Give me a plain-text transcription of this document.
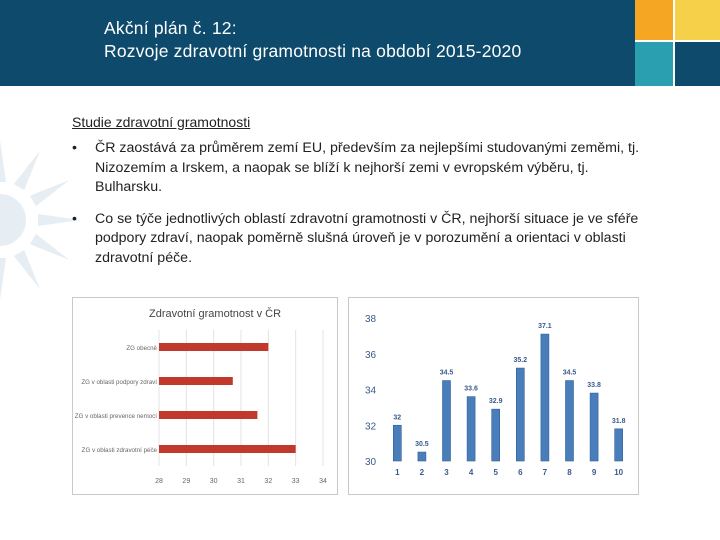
Akční plán č. 12:
Rozvoje zdravotní gramotnosti na období 2015-2020
Studie zdravotní gramotnosti
• ČR zaostává za průměrem zemí EU, především za nejlepšími studovanými zeměmi, tj. Nizozemím a Irskem, a naopak se blíží k nejhorší zemi v evropském výběru, tj. Bulharsku.
• Co se týče jednotlivých oblastí zdravotní gramotnosti v ČR, nejhorší situace je ve sféře podpory zdraví, naopak poměrně slušná úroveň je v porozumění a orientaci v oblasti zdravotní péče.
Zdravotní gramotnost v ČR
ZG obecně
ZG v oblasti podpory zdraví
ZG v oblasti prevence nemocí
ZG v oblasti zdravotní péče
28	29	30	31	32	33	34
38
36
34
32
30
32
30.5
34.5
33.6
32.9
35.2
37.1
34.5
33.8
31.8
1	2	3	4	5	6	7	8	9 10
